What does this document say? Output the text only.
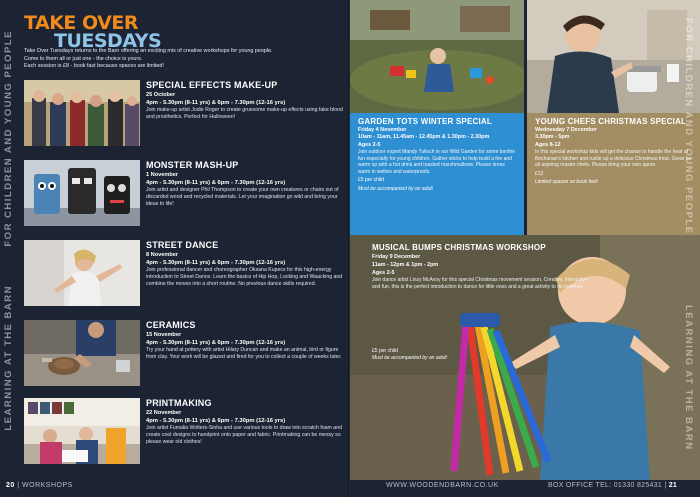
FOR CHILDREN AND YOUNG PEOPLE
LEARNING AT THE BARN
TAKE OVER
TUESDAYS

Take Over Tuesdays returns to the Barn offering an exciting mix of creative workshops for young people.

Come to them all or just one - the choice is yours.

Each session is £8 - book fast because spaces are limited!

SPECIAL EFFECTS MAKE-UP
25 October
4pm - 5.30pm (8-11 yrs) & 6pm - 7.30pm (12-16 yrs)
Join make-up artist Jodie Roger to create gruesome make-up effects using fake blood and prosthetics. Perfect for Halloween!
MONSTER MASH-UP
1 November
4pm - 5.30pm (8-11 yrs) & 6pm - 7.30pm (12-16 yrs)
Join artist and designer Phil Thompson to create your own creatures or chairs out of discarded wood and recycled materials. Let your imagination go wild and bring your ideas to life!
STREET DANCE
8 November
4pm - 5.30pm (8-11 yrs) & 6pm - 7.30pm (12-16 yrs)
Join professional dancer and choreographer Oksana Kupecs for this high-energy introduction to Street Dance. Learn the basics of Hip Hop, Locking and Waacking and combine the moves into a short routine. No previous dance skills required.
CERAMICS
15 November
4pm - 5.30pm (8-11 yrs) & 6pm - 7.30pm (12-16 yrs)
Try your hand at pottery with artist Hilary Duncan and make an animal, bird or figure from clay. Your work will be glazed and fired for you to collect a couple of weeks later.
PRINTMAKING
22 November
4pm - 5.30pm (8-11 yrs) & 6pm - 7.30pm (12-16 yrs)
Join artist Fumalia Wolters-Sinha and use various tools to draw into scratch foam and create cool designs to handprint onto paper and fabric. Printmaking can be messy so please wear old clothes!
20 | WORKSHOPS
GARDEN TOTS WINTER SPECIAL
Friday 4 November
10am - 11am, 11.45am - 12.45pm & 1.30pm - 2.30pm
Ages 2-5
Join outdoor expert Mandy Tulloch in our Wild Garden for some bonfire fun especially for young children. Gather sticks to help build a fire and warm up with a hot drink and toasted marshmallows. Please dress warm in wellies and waterproofs.
£5 per child
Must be accompanied by an adult
YOUNG CHEFS CHRISTMAS SPECIAL
Wednesday 7 December
3.30pm - 5pm
Ages 8-12
In this special workshop kids will get the chance to handle the heat of Birchanan's kitchen and rustle up a delicious Christmas treat. Great for all aspiring master chefs. Please bring your own apron.
£12
Limited spaces so book fast!
MUSICAL BUMPS CHRISTMAS WORKSHOP
Friday 9 December
11am - 12pm & 1pm - 2pm
Ages 2-5
Join dance artist Linzy McAvoy for this special Christmas movement session. Creative, interactive and fun, this is the perfect introduction to dance for little ones and a great activity to do together.
£5 per child
Must be accompanied by an adult
FOR CHILDREN AND YOUNG PEOPLE
LEARNING AT THE BARN
WWW.WOODENDBARN.CO.UK	BOX OFFICE TEL: 01330 825431 | 21
